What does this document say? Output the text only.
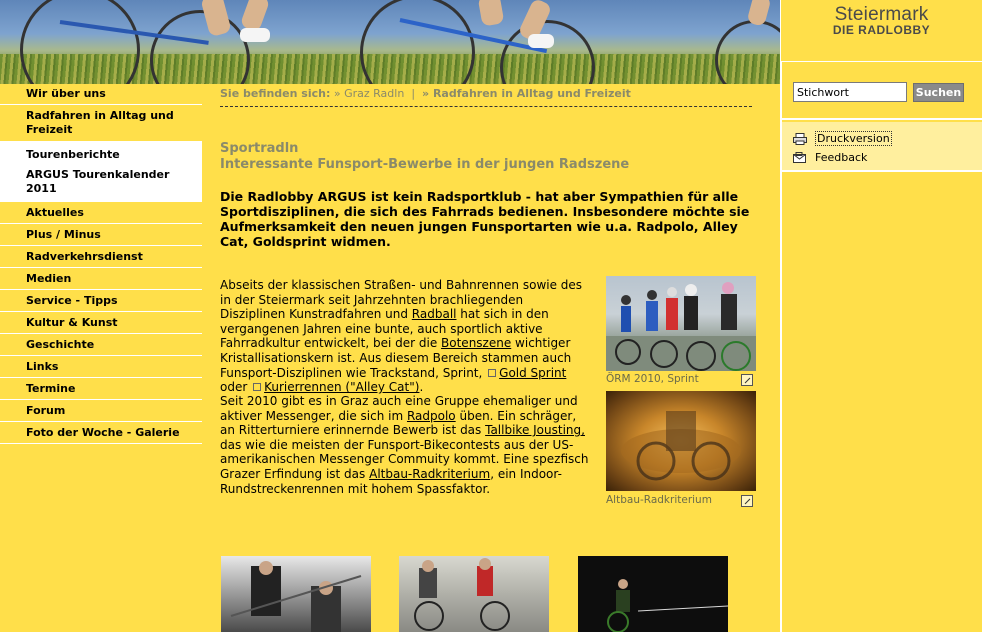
Steiermark
DIE RADLOBBY
Stichwort
Suchen
Druckversion
Feedback
Wir über uns
Radfahren in Alltag und Freizeit
Tourenberichte
ARGUS Tourenkalender 2011
Aktuelles
Plus / Minus
Radverkehrsdienst
Medien
Service - Tipps
Kultur & Kunst
Geschichte
Links
Termine
Forum
Foto der Woche - Galerie
Sie befinden sich: » Graz Radln | » Radfahren in Alltag und Freizeit
Sportradln
Interessante Funsport-Bewerbe in der jungen Radszene
Die Radlobby ARGUS ist kein Radsportklub - hat aber Sympathien für alle Sportdisziplinen, die sich des Fahrrads bedienen. Insbesondere möchte sie Aufmerksamkeit den neuen jungen Funsportarten wie u.a. Radpolo, Alley Cat, Goldsprint widmen.
Abseits der klassischen Straßen- und Bahnrennen sowie des in der Steiermark seit Jahrzehnten brachliegenden Disziplinen Kunstradfahren und Radball hat sich in den vergangenen Jahren eine bunte, auch sportlich aktive Fahrradkultur entwickelt, bei der die Botenszene wichtiger Kristallisationskern ist. Aus diesem Bereich stammen auch Funsport-Disziplinen wie Trackstand, Sprint, Gold Sprint oder Kurierrennen ("Alley Cat").
Seit 2010 gibt es in Graz auch eine Gruppe ehemaliger und aktiver Messenger, die sich im Radpolo üben. Ein schräger, an Ritterturniere erinnernde Bewerb ist das Tallbike Jousting, das wie die meisten der Funsport-Bikecontests aus der US-amerikanischen Messenger Commuity kommt. Eine spezfisch Grazer Erfindung ist das Altbau-Radkriterium, ein Indoor-Rundstreckenrennen mit hohem Spassfaktor.
ÖRM 2010, Sprint
Altbau-Radkriterium
